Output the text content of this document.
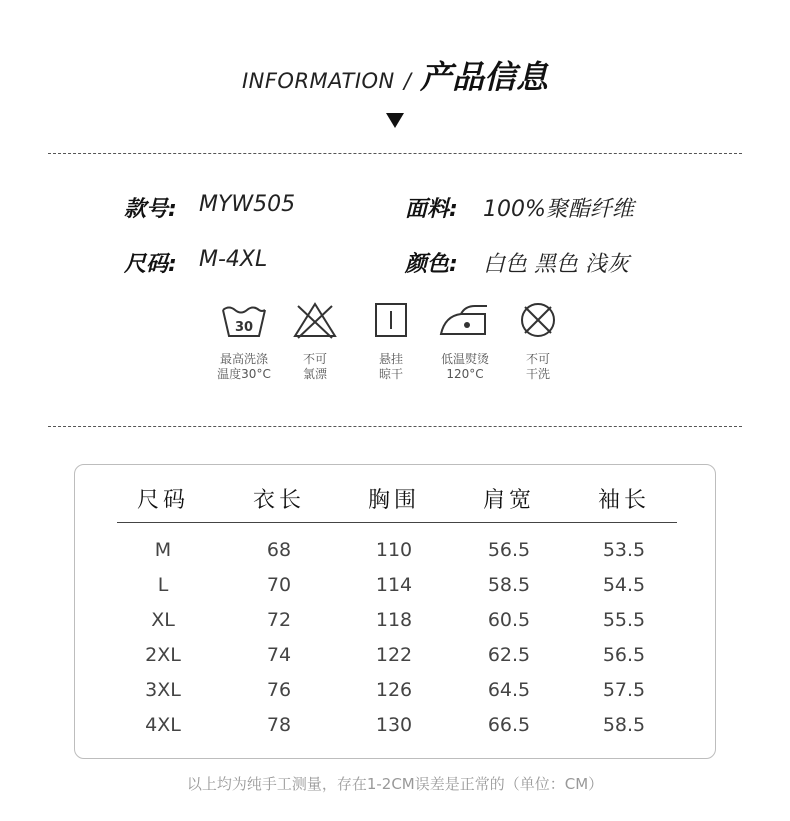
INFORMATION / 产品信息
款号: MYW505	面料: 100%聚酯纤维
尺码: M-4XL	颜色: 白色 黑色 浅灰
30
最高洗涤
温度30°C
不可
氯漂
悬挂
晾干
低温熨烫
120°C
不可
干洗
尺码	衣长	胸围	肩宽	袖长
M	68	110	56.5	53.5
L	70	114	58.5	54.5
XL	72	118	60.5	55.5
2XL	74	122	62.5	56.5
3XL	76	126	64.5	57.5
4XL	78	130	66.5	58.5
以上均为纯手工测量，存在1-2CM误差是正常的（单位：CM）
